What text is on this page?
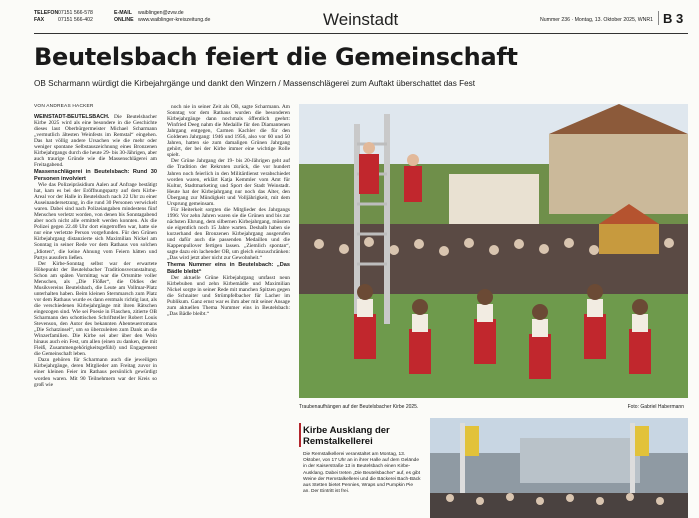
TELEFON07151 566-578
FAX	07151 566-402
E-MAIL waiblingen@zvw.de
ONLINE www.waiblinger-kreiszeitung.de	Weinstadt	Nummer 236 · Montag, 13. Oktober 2025, WNR1 B 3
Beutelsbach feiert die Gemeinschaft
OB Scharmann würdigt die Kirbejahrgänge und dankt den Winzern / Massenschlägerei zum Auftakt überschattet das Fest
VON ANDREAS HACKER

WEINSTADT-BEUTELSBACH. Die Beutelsbacher Kirbe 2025 wird als eine besondere in die Geschichte dieses laut Oberbürgermeister Michael Scharmann „vermutlich ältesten Weinfests im Remstal“ eingehen. Das hat völlig andere Ursachen wie die mehr oder weniger spontane Selbstauszeichnung eines Bronzenen Kirbejahrgangs durch die heute 29- bis 30-Jährigen, aber auch traurige Gründe wie die Massenschlägerei am Freitagabend.

Massenschlägerei in Beutelsbach: Rund 30 Personen involviert

Wie das Polizeipräsidium Aalen auf Anfrage bestätigt hat, kam es bei der Eröffnungsparty auf dem Kirbe-Areal vor der Halle in Beutelsbach nach 22 Uhr zu einer Auseinandersetzung, in die rund 30 Personen verwickelt waren. Dabei sind nach Polizeiangaben mindestens fünf Menschen verletzt worden, von denen bis Sonntagabend aber noch nicht alle ermittelt werden konnten. Als die Polizei gegen 22.40 Uhr dort eingetroffen war, hatte sie nur eine verletzte Person vorgefunden. Für den Grünen Kirbejahrgang distanzierte sich Maximilian Nickel am Sonntag in seiner Rede vor dem Rathaus von solchen „Idioten“, die keine Ahnung vom Feiern hätten und Partys ausufern ließen.

Der Kirbe-Sonntag selbst war der erwartete Höhepunkt der Beutelsbacher Traditionsveranstaltung. Schon am späten Vormittag war die Ortsmitte voller Menschen, als „Die Flößer“, die Oldies der Musikvereins Beutelsbach, die Leute am Vollmar-Platz unterhalten haben. Beim kleinen Sternmarsch zum Platz vor dem Rathaus wurde es dann erstmals richtig laut, als die verschiedenen Kirbejahrgänge mit ihren Rätschen eingezogen sind. Wie sei Poesie in Flaschen, zitierte OB Scharmann den schottischen Schriftsteller Robert Louis Stevenson, den Autor des bekannten Abenteuerromans „Die Schatzinsel“, um so überzuleiten zum Dank an die Winzerfamilien. Die Kirbe sei aber über den Wein hinaus auch ein Fest, um allen (einen zu danken, die mit Fleiß, Zusammengehörigkeitsgefühl) und Engagement die Gemeinschaft leben.

Dazu gehören für Scharmann auch die jeweiligen Kirbejahrgänge, deren Mitglieder am Freitag zuvor in einer kleinen Feier im Rathaus persönlich gewürdigt worden waren. Mit 90 Teilnehmern war der Kreis so groß wie

noch nie in seiner Zeit als OB, sagte Scharmann. Am Sonntag vor dem Rathaus wurden die besonderen Kirbejahrgänge dann nochmals öffentlich geehrt: Winfried Deeg nahm die Medaille für den Diamantenen Jahrgang entgegen, Carmen Kachler die für den Goldenen Jahrgang: 1946 und 1956, also vor 60 und 50 Jahren, hatten sie zum damaligen Grünen Jahrgang gehört, der bei der Kirbe immer eine wichtige Rolle spielt.

Der Grüne Jahrgang der 19- bis 20-Jährigen geht auf die Tradition der Rekruten zurück, die vor hundert Jahren noch feierlich in den Militärdienst verabschiedet worden waren, erklärt Katja Kemmler vom Amt für Kultur, Stadtmarketing und Sport der Stadt Weinstadt. Heute hat der Kirbejahrgang nur noch das Alter, den Übergang zur Mündigkeit und Volljährigkeit, mit dem Ursprung gemeinsam.

Für Heiterkeit sorgten die Mitglieder des Jahrgangs 1996: Vor zehn Jahren waren sie die Grünen und bis zur nächsten Ehrung, dem silbernen Kirbejahrgang, müssten sie eigentlich noch 15 Jahre warten. Deshalb haben sie kurzerhand den Bronzenen Kirbejahrgang ausgerufen und dafür auch die passenden Medaillen und die Kappenpullover fertigen lassen. „Ziemlich spontan“, sagte dazu ein lachender OB, um gleich einzuschränken: „Das wird jetzt aber nicht zur Gewohnheit.“

Thema Nummer eins in Beutelsbach: „Das Bädle bleibt“

Der aktuelle Grüne Kirbejahrgang umfasst neun Kirbebuben und zehn Kirbemädle und Maximilian Nickel sorgte in seiner Rede mit manchen Spitzen gegen die Schnaiter und Strümpfelbacher für Lacher im Publikum. Ganz ernst war es ihm aber mit seiner Ansage zum aktuellen Thema Nummer eins in Beutelsbach: „Das Bädle bleibt.“

Traubenaufhängen auf der Beutelsbacher Kirbe 2025.	Foto: Gabriel Habermann
Kirbe Ausklang der Remstalkellerei
Die Remstalkellerei veranstaltet am Montag, 13. Oktober, von 17 Uhr an in ihrer Halle auf dem Gelände in der Kaiserstraße 13 in Beutelsbach einen Kirbe-Ausklang. Dabei treten „Die Beutelsbacher“ auf, es gibt Weine der Remstalkellerei und die Bäckerei Bach-Bäck aus Stetten bietet Pennies, Wraps und Pumpkin Pie an. Der Eintritt ist frei.
